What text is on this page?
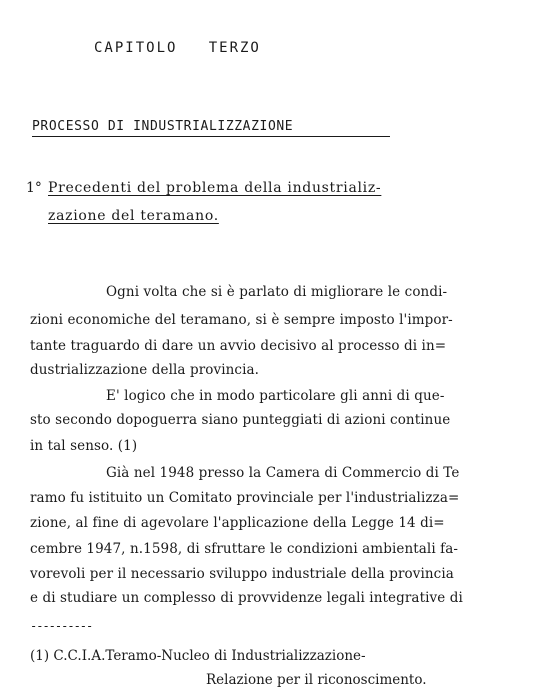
CAPITOLO   TERZO
PROCESSO DI INDUSTRIALIZZAZIONE
1° Precedenti del problema della industrializ-
zazione del teramano.
Ogni volta che si è parlato di migliorare le condi-
zioni economiche del teramano, si è sempre imposto l'impor-
tante traguardo di dare un avvio decisivo al processo di in=
dustrializzazione della provincia.
E' logico che in modo particolare gli anni di que-
sto secondo dopoguerra siano punteggiati di azioni continue
in tal senso. (1)
Già nel 1948 presso la Camera di Commercio di Te
ramo fu istituito un Comitato provinciale per l'industrializza=
zione, al fine di agevolare l'applicazione della Legge 14 di=
cembre 1947, n.1598, di sfruttare le condizioni ambientali fa-
vorevoli per il necessario sviluppo industriale della provincia
e di studiare un complesso di provvidenze legali integrative di
----------
(1) C.C.I.A.Teramo-Nucleo di Industrializzazione-
Relazione per il riconoscimento.
